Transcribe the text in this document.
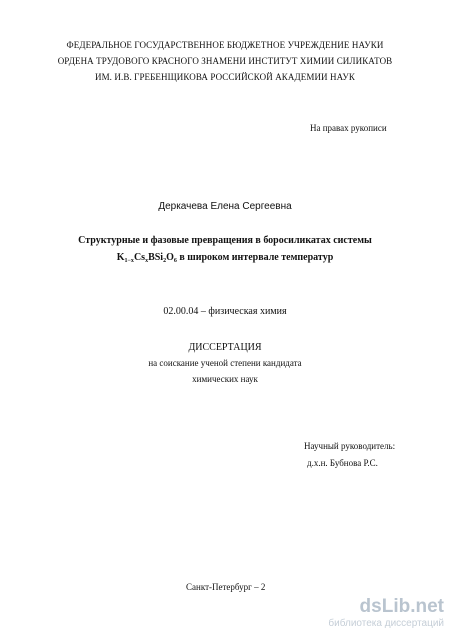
ФЕДЕРАЛЬНОЕ ГОСУДАРСТВЕННОЕ БЮДЖЕТНОЕ УЧРЕЖДЕНИЕ НАУКИ
ОРДЕНА ТРУДОВОГО КРАСНОГО ЗНАМЕНИ ИНСТИТУТ ХИМИИ СИЛИКАТОВ
ИМ. И.В. ГРЕБЕНЩИКОВА РОССИЙСКОЙ АКАДЕМИИ НАУК
На правах рукописи
Деркачева Елена Сергеевна
Структурные и фазовые превращения в боросиликатах системы
$K_{1-x}Cs_xBSi_2O_6$ в широком интервале температур
02.00.04 – физическая химия
ДИССЕРТАЦИЯ
на соискание ученой степени кандидата
химических наук
Научный руководитель:
д.х.н. Бубнова Р.С.
Санкт-Петербург – 2
dsLib.net
библиотека диссертаций
